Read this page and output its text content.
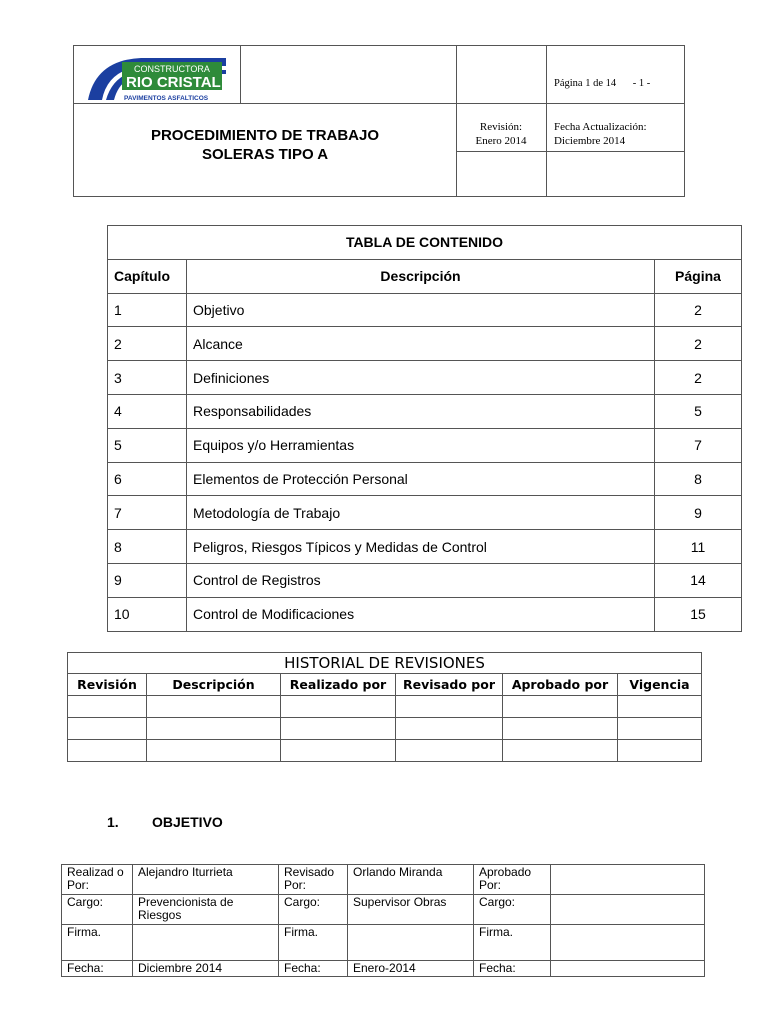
CONSTRUCTORA
RIO CRISTAL
PAVIMENTOS ASFALTICOS
Página 1 de 14 - 1 -
PROCEDIMIENTO DE TRABAJO
SOLERAS TIPO A
Revisión:
Enero 2014
Fecha Actualización:
Diciembre 2014
TABLA DE CONTENIDO		
Capítulo	Descripción	Página
1	Objetivo	2
2	Alcance	2
3	Definiciones	2
4	Responsabilidades	5
5	Equipos y/o Herramientas	7
6	Elementos de Protección Personal	8
7	Metodología de Trabajo	9
8	Peligros, Riesgos Típicos y Medidas de Control	11
9	Control de Registros	14
10	Control de Modificaciones	15
HISTORIAL DE REVISIONES					
Revisión	Descripción	Realizado por	Revisado por	Aprobado por	Vigencia

1. OBJETIVO
Realizad o Por:	Alejandro Iturrieta	Revisado Por:	Orlando Miranda	Aprobado Por:	
Cargo:	Prevencionista de Riesgos	Cargo:	Supervisor Obras	Cargo:	
Firma.		Firma.		Firma.	
Fecha:	Diciembre 2014	Fecha:	Enero-2014	Fecha:	
